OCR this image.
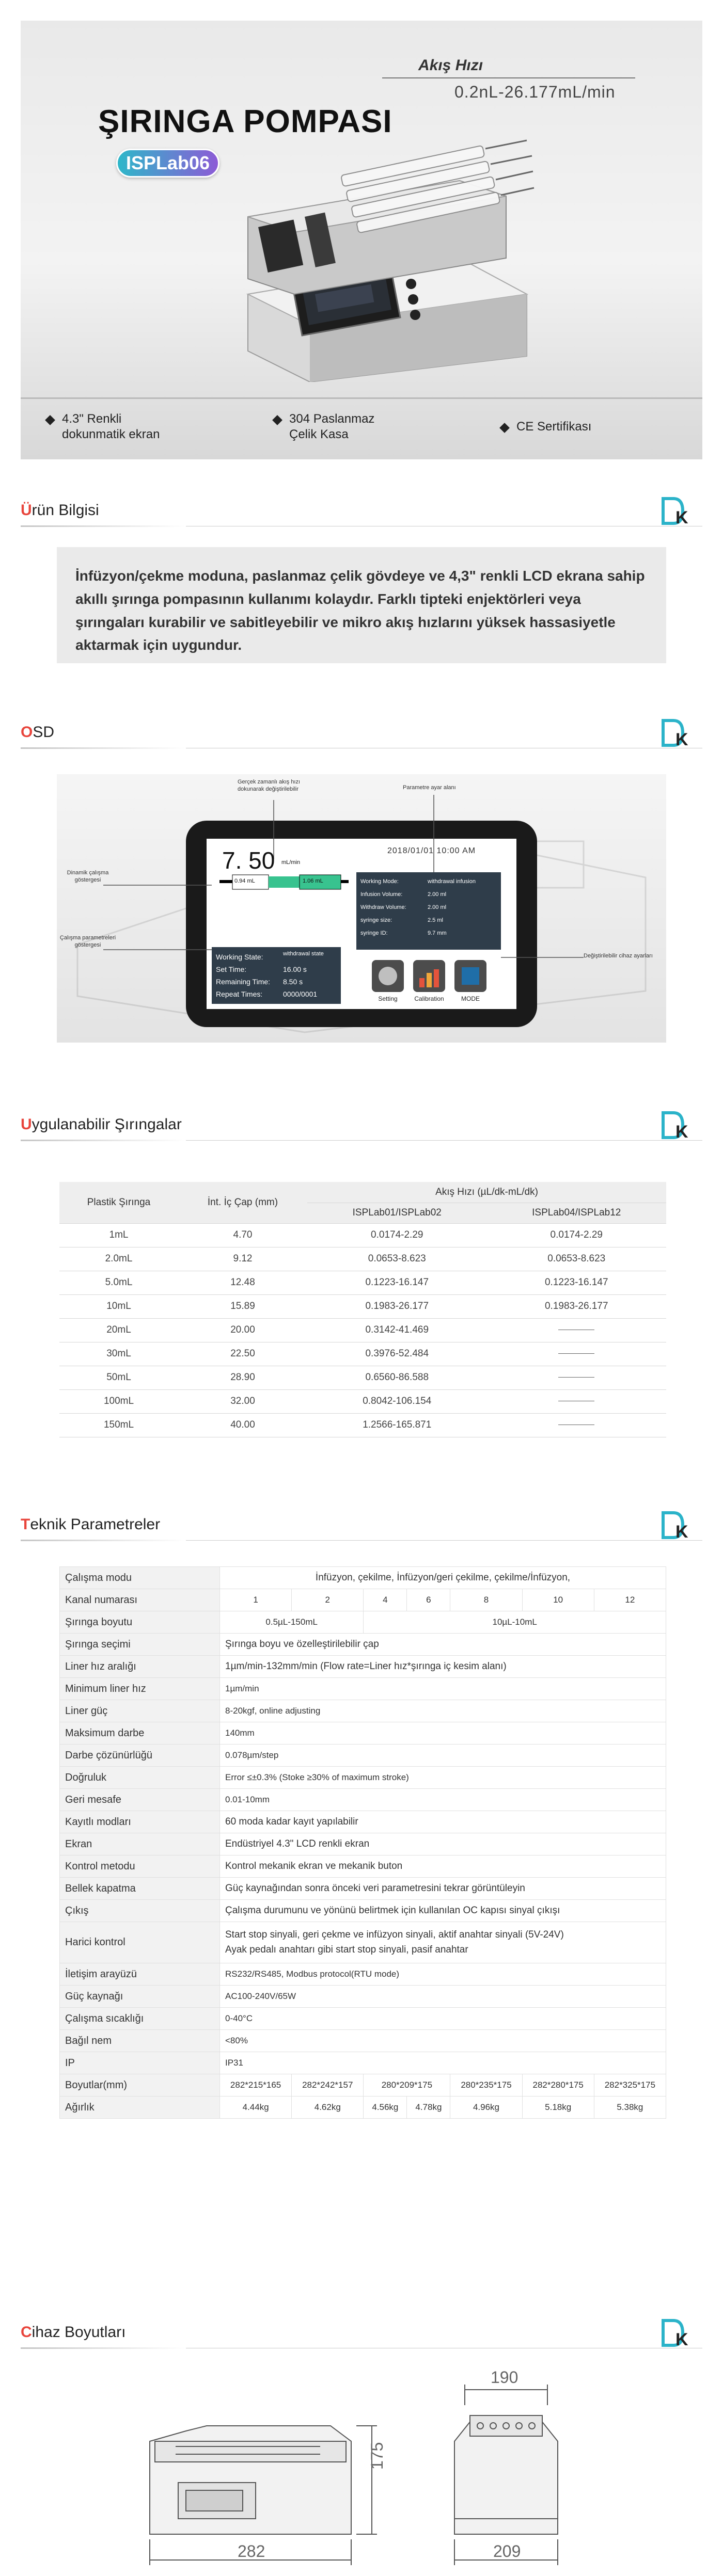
Akış Hızı
0.2nL-26.177mL/min
ŞIRINGA POMPASI
ISPLab06
4.3" Renkli
dokunmatik ekran
304 Paslanmaz
Çelik Kasa
CE Sertifikası
Ürün Bilgisi	K

İnfüzyon/çekme moduna, paslanmaz çelik gövdeye ve 4,3" renkli LCD ekrana sahip akıllı şırınga pompasının kullanımı kolaydır. Farklı tipteki enjektörleri veya şırıngaları kurabilir ve sabitleyebilir ve mikro akış hızlarını yüksek hassasiyetle aktarmak için uygundur.

OSD	K
Gerçek zamanlı akış hızı
dokunarak değiştirilebilir	Parametre ayar alanı
Dinamik çalışma
göstergesi
Çalışma parametreleri
göstergesi
Değiştirilebilir cihaz ayarları
7. 50 mL/min
2018/01/01 10:00 AM
0.94 mL	1.06 mL	Working Mode:	withdrawal infusion
Infusion Volume:	2.00 ml
Withdraw Volume:	2.00 ml
syringe size:	2.5 ml
syringe ID:	9.7 mm
Working State:	withdrawal state
Set Time:	16.00 s
Remaining Time:	8.50 s
Repeat Times:	0000/0001
Setting	Calibration	MODE
Uygulanabilir Şırıngalar	K
Plastik Şırınga	İnt. İç Çap (mm)	Akış Hızı (µL/dk-mL/dk)	
		ISPLab01/ISPLab02	ISPLab04/ISPLab12
1mL	4.70	0.0174-2.29	0.0174-2.29
2.0mL	9.12	0.0653-8.623	0.0653-8.623
5.0mL	12.48	0.1223-16.147	0.1223-16.147
10mL	15.89	0.1983-26.177	0.1983-26.177
20mL	20.00	0.3142-41.469	
30mL	22.50	0.3976-52.484	
50mL	28.90	0.6560-86.588	
100mL	32.00	0.8042-106.154	
150mL	40.00	1.2566-165.871	
Teknik Parametreler	K
Çalışma modu	İnfüzyon, çekilme, İnfüzyon/geri çekilme, çekilme/İnfüzyon,						
Kanal numarası	1	2	4	6	8	10	12
Şırınga boyutu	0.5µL-150mL		10µL-10mL				
Şırınga seçimi	Şırınga boyu ve özelleştirilebilir çap						
Liner hız aralığı	1µm/min-132mm/min (Flow rate=Liner hız*şırınga iç kesim alanı)						
Minimum liner hız	1µm/min						
Liner güç	8-20kgf, online adjusting						
Maksimum darbe	140mm						
Darbe çözünürlüğü	0.078µm/step						
Doğruluk	Error ≤±0.3% (Stoke ≥30% of maximum stroke)						
Geri mesafe	0.01-10mm						
Kayıtlı modları	60 moda kadar kayıt yapılabilir						
Ekran	Endüstriyel 4.3" LCD renkli ekran						
Kontrol metodu	Kontrol mekanik ekran ve mekanik buton						
Bellek kapatma	Güç kaynağından sonra önceki veri parametresini tekrar görüntüleyin						
Çıkış	Çalışma durumunu ve yönünü belirtmek için kullanılan OC kapısı sinyal çıkışı						
Harici kontrol	Start stop sinyali, geri çekme ve infüzyon sinyali, aktif anahtar sinyali (5V-24V)
Ayak pedalı anahtarı gibi start stop sinyali, pasif anahtar						
İletişim arayüzü	RS232/RS485, Modbus protocol(RTU mode)						
Güç kaynağı	AC100-240V/65W						
Çalışma sıcaklığı	0-40°C						
Bağıl nem	<80%						
IP	IP31						
Boyutlar(mm)	282*215*165	282*242*157	280*209*175		280*235*175	282*280*175	282*325*175
Ağırlık	4.44kg	4.62kg	4.56kg	4.78kg	4.96kg	5.18kg	5.38kg
Cihaz Boyutları	K
282
175
209
190
